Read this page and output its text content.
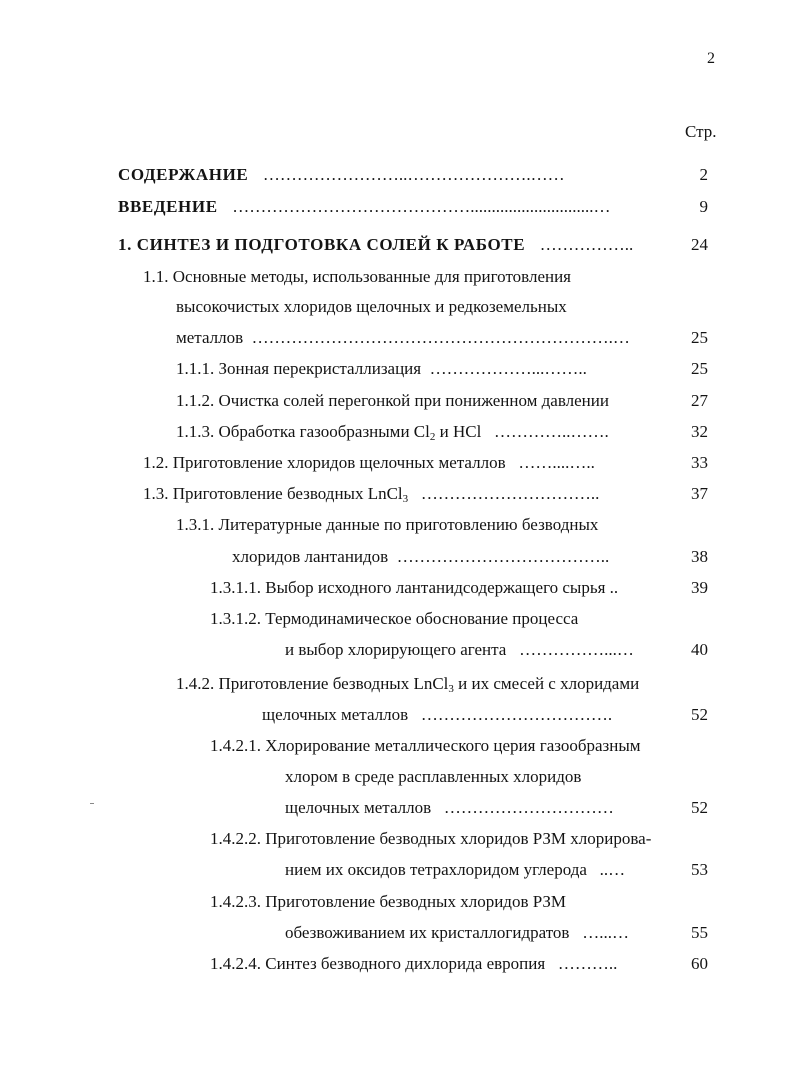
2
Стр.
СОДЕРЖАНИЕ ……………………..………………….……	2
ВВЕДЕНИЕ …………………………………….............................…	9
1. СИНТЕЗ И ПОДГОТОВКА СОЛЕЙ К РАБОТЕ ……………..	24
1.1. Основные методы, использованные для приготовления
высокочистых хлоридов щелочных и редкоземельных
металлов ……………………………………………………….…	25
1.1.1. Зонная перекристаллизация ………………...……..	25
1.1.2. Очистка солей перегонкой при пониженном давлении	27
1.1.3. Обработка газообразными $Cl_2$ и HCl …………..…….	32
1.2. Приготовление хлоридов щелочных металлов ……....…..	33
1.3. Приготовление безводных LnCl$_3$ …………………………..	37
1.3.1. Литературные данные по приготовлению безводных
хлоридов лантанидов ………………………………..	38
1.3.1.1. Выбор исходного лантанидсодержащего сырья ..	39
1.3.1.2. Термодинамическое обоснование процесса
и выбор хлорирующего агента ……………...…	40
1.4.2. Приготовление безводных LnCl$_3$ и их смесей с хлоридами
щелочных металлов …………………………….	52
1.4.2.1. Хлорирование металлического церия газообразным
хлором в среде расплавленных хлоридов
щелочных металлов …………………………	52
1.4.2.2. Приготовление безводных хлоридов РЗМ хлорирова-
нием их оксидов тетрахлоридом углерода ..…	53
1.4.2.3. Приготовление безводных хлоридов РЗМ
обезвоживанием их кристаллогидратов …...…	55
1.4.2.4. Синтез безводного дихлорида европия ………..	60
